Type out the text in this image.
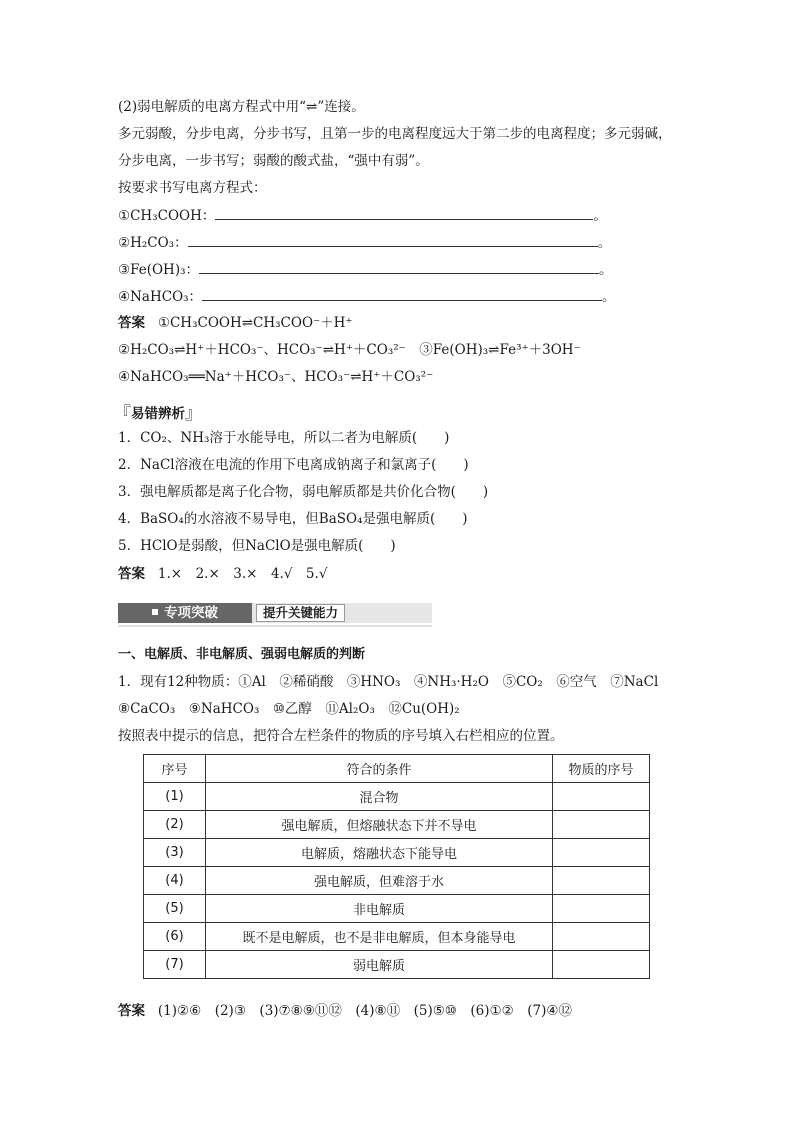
(2)弱电解质的电离方程式中用“⇌”连接。
多元弱酸，分步电离，分步书写，且第一步的电离程度远大于第二步的电离程度；多元弱碱，
分步电离，一步书写；弱酸的酸式盐，“强中有弱”。
按要求书写电离方程式：
①CH₃COOH：	。
②H₂CO₃：	。
③Fe(OH)₃：	。
④NaHCO₃：	。
答案 ①CH₃COOH⇌CH₃COO⁻＋H⁺
②H₂CO₃⇌H⁺＋HCO₃⁻、HCO₃⁻⇌H⁺＋CO₃²⁻　③Fe(OH)₃⇌Fe³⁺＋3OH⁻
④NaHCO₃══Na⁺＋HCO₃⁻、HCO₃⁻⇌H⁺＋CO₃²⁻
『易错辨析』
1．CO₂、NH₃溶于水能导电，所以二者为电解质(　　)
2．NaCl溶液在电流的作用下电离成钠离子和氯离子(　　)
3．强电解质都是离子化合物，弱电解质都是共价化合物(　　)
4．BaSO₄的水溶液不易导电，但BaSO₄是强电解质(　　)
5．HClO是弱酸，但NaClO是强电解质(　　)
答案 1.×　2.×　3.×　4.√　5.√
专项突破	提升关键能力
一、电解质、非电解质、强弱电解质的判断
1．现有12种物质：①Al　②稀硝酸　③HNO₃　④NH₃·H₂O　⑤CO₂　⑥空气　⑦NaCl
⑧CaCO₃　⑨NaHCO₃　⑩乙醇　⑪Al₂O₃　⑫Cu(OH)₂
按照表中提示的信息，把符合左栏条件的物质的序号填入右栏相应的位置。
序号	符合的条件	物质的序号
(1)	混合物	
(2)	强电解质，但熔融状态下并不导电	
(3)	电解质，熔融状态下能导电	
(4)	强电解质，但难溶于水	
(5)	非电解质	
(6)	既不是电解质，也不是非电解质，但本身能导电	
(7)	弱电解质	
答案 (1)②⑥　(2)③　(3)⑦⑧⑨⑪⑫　(4)⑧⑪　(5)⑤⑩　(6)①②　(7)④⑫
